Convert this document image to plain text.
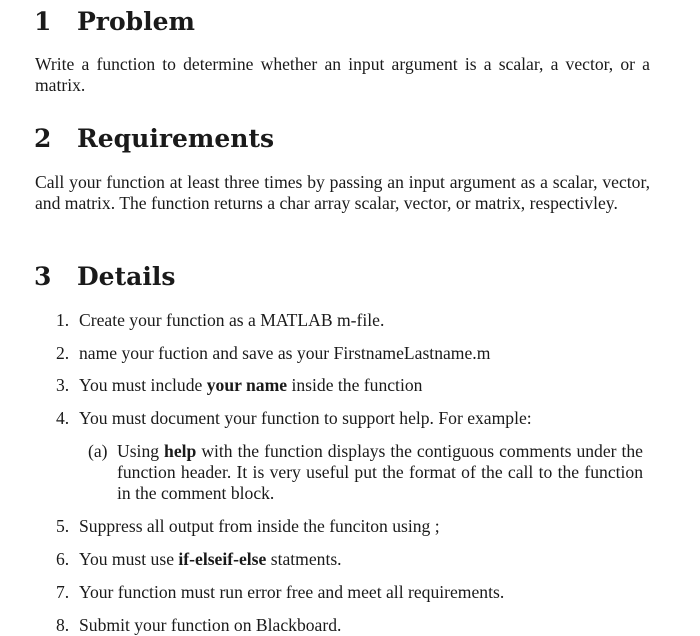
1 Problem

Write a function to determine whether an input argument is a scalar, a vector, or a matrix.

2 Requirements

Call your function at least three times by passing an input argument as a scalar, vector, and matrix. The function returns a char array scalar, vector, or matrix, respectivley.

3 Details

1. Create your function as a MATLAB m-file.

2. name your fuction and save as your FirstnameLastname.m

3. You must include your name inside the function

4. You must document your function to support help. For example:

(a) Using help with the function displays the contiguous comments under the function header. It is very useful put the format of the call to the function in the comment block.

5. Suppress all output from inside the funciton using ;

6. You must use if-elseif-else statments.

7. Your function must run error free and meet all requirements.

8. Submit your function on Blackboard.
